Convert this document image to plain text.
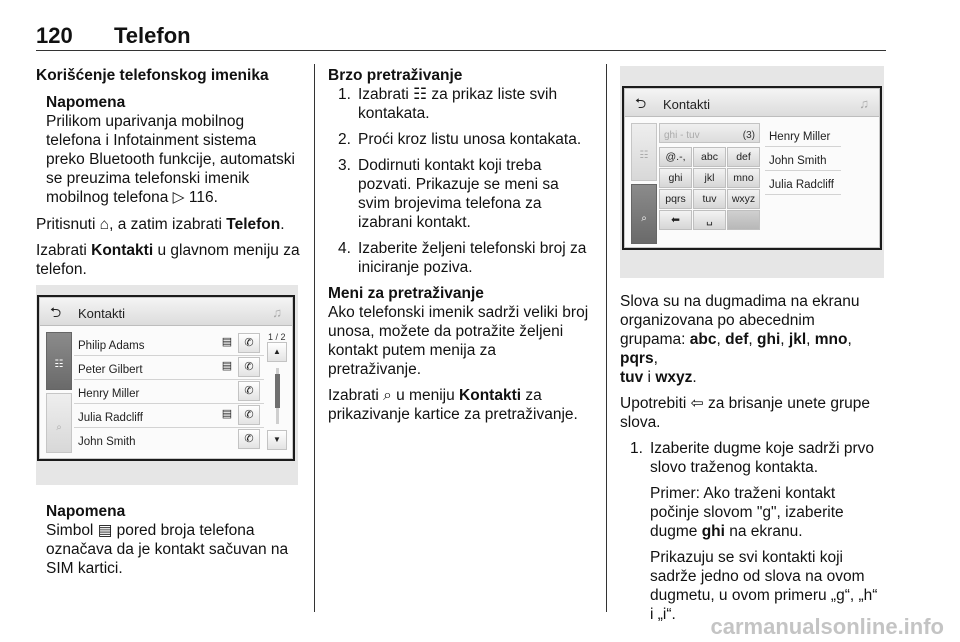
120 Telefon

Korišćenje telefonskog imenika

Napomena
Prilikom uparivanja mobilnog
telefona i Infotainment sistema
preko Bluetooth funkcije, automatski
se preuzima telefonski imenik
mobilnog telefona ▷ 116.

Pritisnuti ⌂, a zatim izabrati Telefon.

Izabrati Kontakti u glavnom meniju za
telefon.

⮌ Kontakti	♫
☷
⌕
Philip Adams	▤	✆
Peter Gilbert	▤	✆
Henry Miller	✆
Julia Radcliff	▤	✆
John Smith	✆
1 / 2
▲
▼
Napomena
Simbol ▤ pored broja telefona
označava da je kontakt sačuvan na
SIM kartici.
Brzo pretraživanje
1. Izabrati ☷ za prikaz liste svih
kontakata.
2. Proći kroz listu unosa kontakata.
3. Dodirnuti kontakt koji treba
pozvati. Prikazuje se meni sa
svim brojevima telefona za
izabrani kontakt.
4. Izaberite željeni telefonski broj za
iniciranje poziva.
Meni za pretraživanje

Ako telefonski imenik sadrži veliki broj
unosa, možete da potražite željeni
kontakt putem menija za
pretraživanje.

Izabrati ⌕ u meniju Kontakti za
prikazivanje kartice za pretraživanje.

⮌ Kontakti	♫
☷
⌕
ghi - tuv	(3)
@.-,	abc	def
ghi	jkl	mno
pqrs	tuv	wxyz
⬅	␣
Henry Miller
John Smith
Julia Radcliff

Slova su na dugmadima na ekranu
organizovana po abecednim
grupama: abc, def, ghi, jkl, mno, pqrs,
tuv i wxyz.

Upotrebiti ⇦ za brisanje unete grupe
slova.

1. Izaberite dugme koje sadrži prvo
slovo traženog kontakta.

Primer: Ako traženi kontakt
počinje slovom "g", izaberite
dugme ghi na ekranu.

Prikazuju se svi kontakti koji
sadrže jedno od slova na ovom
dugmetu, u ovom primeru „g“, „h“
i „i“.	carmanualsonline.info
